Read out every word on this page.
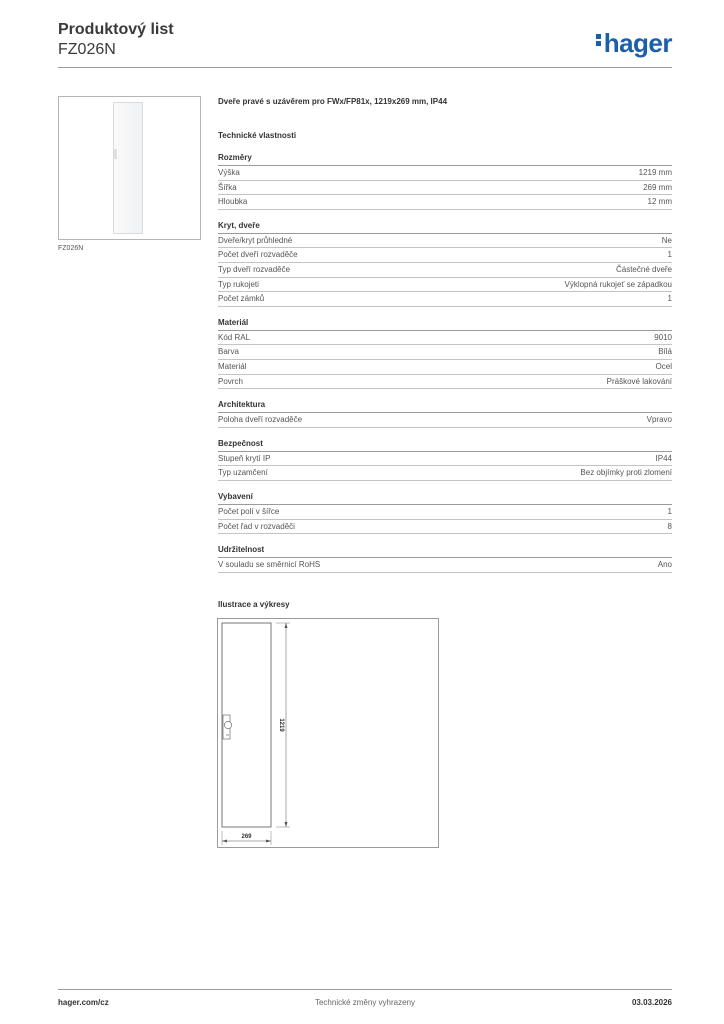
Produktový list
FZ026N	hager
FZ026N
Dveře pravé s uzávěrem pro FWx/FP81x, 1219x269 mm, IP44
Technické vlastnosti
Rozměry
Výška	1219 mm
Šířka	269 mm
Hloubka	12 mm
Kryt, dveře
Dveře/kryt průhledné	Ne
Počet dveří rozvaděče	1
Typ dveří rozvaděče	Částečné dveře
Typ rukojeti	Výklopná rukojeť se západkou
Počet zámků	1
Materiál
Kód RAL	9010
Barva	Bílá
Materiál	Ocel
Povrch	Práškové lakování
Architektura
Poloha dveří rozvaděče	Vpravo
Bezpečnost
Stupeň krytí IP	IP44
Typ uzamčení	Bez objímky proti zlomení
Vybavení
Počet polí v šířce	1
Počet řad v rozvaděči	8
Udržitelnost
V souladu se směrnicí RoHS	Ano
Ilustrace a výkresy
1219
269
hager.com/cz	Technické změny vyhrazeny	03.03.2026
